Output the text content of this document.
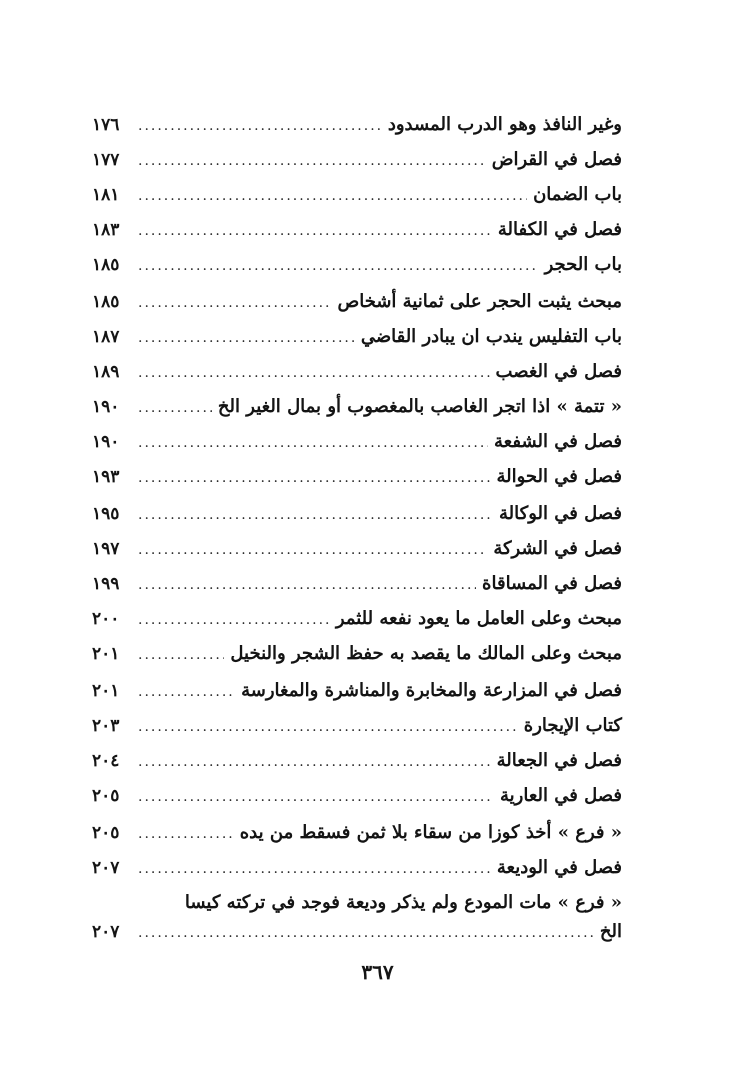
وغير النافذ وهو الدرب المسدود
.....
١٧٦
فصل في القراض
.....
١٧٧
باب الضمان
.....
١٨١
فصل في الكفالة
.....
١٨٣
باب الحجر
.....
١٨٥
مبحث يثبت الحجر على ثمانية أشخاص
.....
١٨٥
باب التفليس يندب ان يبادر القاضي
.....
١٨٧
فصل في الغصب
.....
١٨٩
« تتمة » اذا اتجر الغاصب بالمغصوب أو بمال الغير الخ
.....
١٩٠
فصل في الشفعة
.....
١٩٠
فصل في الحوالة
.....
١٩٣
فصل في الوكالة
.....
١٩٥
فصل في الشركة
.....
١٩٧
فصل في المساقاة
.....
١٩٩
مبحث وعلى العامل ما يعود نفعه للثمر
.....
٢٠٠
مبحث وعلى المالك ما يقصد به حفظ الشجر والنخيل
.....
٢٠١
فصل في المزارعة والمخابرة والمناشرة والمغارسة
.....
٢٠١
كتاب الإيجارة
.....
٢٠٣
فصل في الجعالة
.....
٢٠٤
فصل في العارية
.....
٢٠٥
« فرع » أخذ كوزا من سقاء بلا ثمن فسقط من يده
.....
٢٠٥
فصل في الوديعة
.....
٢٠٧
« فرع » مات المودع ولم يذكر وديعة فوجد في تركته كيسا
الخ
.....
٢٠٧
٣٦٧
